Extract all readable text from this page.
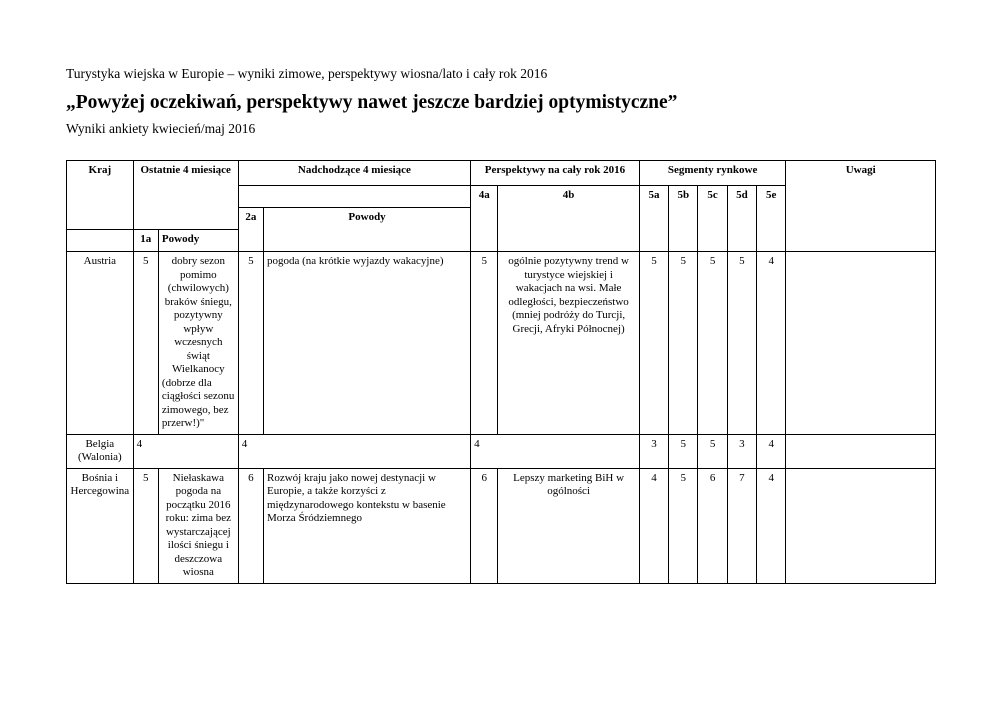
Turystyka wiejska w Europie – wyniki zimowe, perspektywy wiosna/lato i cały rok 2016
„Powyżej oczekiwań, perspektywy nawet jeszcze bardziej optymistyczne”
Wyniki ankiety kwiecień/maj 2016
Kraj	Ostatnie 4 miesiące		Nadchodzące 4 miesiące		Perspektywy na cały rok 2016		Segmenty rynkowe					Uwagi
					4a	4b	5a	5b	5c	5d	5e	
			2a	Powody								
	1a	Powody										
Austria	5	dobry sezon pomimo (chwilowych) braków śniegu, pozytywny wpływ wczesnych świąt Wielkanocy
(dobrze dla ciągłości sezonu zimowego, bez przerw!)"	5	pogoda (na krótkie wyjazdy wakacyjne)	5	ogólnie pozytywny trend w turystyce wiejskiej i wakacjach na wsi. Małe odległości, bezpieczeństwo (mniej podróży do Turcji, Grecji, Afryki Północnej)	5	5	5	5	4	
Belgia (Walonia)	4		4		4		3	5	5	3	4	
Bośnia i Hercegowina	5	Niełaskawa pogoda na początku 2016 roku: zima bez wystarczającej ilości śniegu i deszczowa wiosna	6	Rozwój kraju jako nowej destynacji w Europie, a także korzyści z międzynarodowego kontekstu w basenie Morza Śródziemnego	6	Lepszy marketing BiH w ogólności	4	5	6	7	4	
